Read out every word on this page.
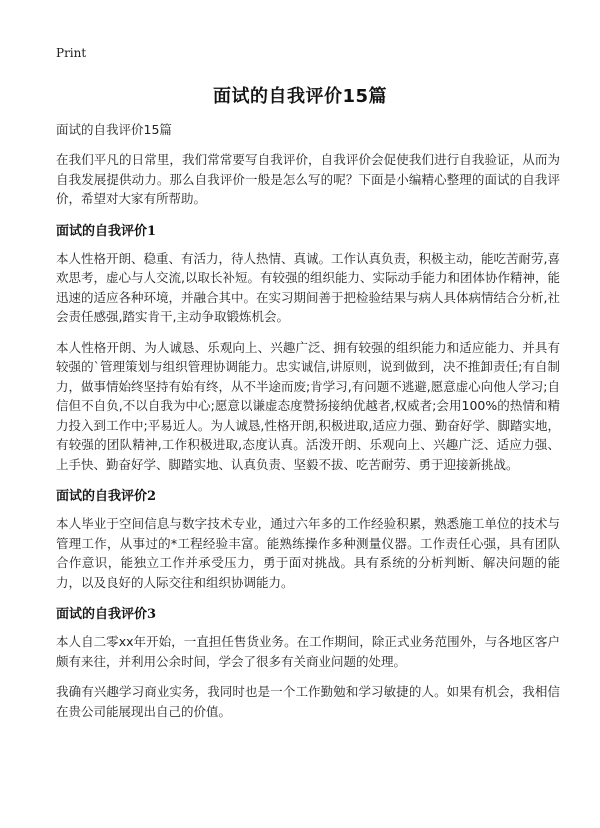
Print
面试的自我评价15篇
面试的自我评价15篇

在我们平凡的日常里，我们常常要写自我评价，自我评价会促使我们进行自我验证，从而为自我发展提供动力。那么自我评价一般是怎么写的呢？下面是小编精心整理的面试的自我评价，希望对大家有所帮助。

面试的自我评价1

本人性格开朗、稳重、有活力，待人热情、真诚。工作认真负责，积极主动，能吃苦耐劳,喜欢思考，虚心与人交流,以取长补短。有较强的组织能力、实际动手能力和团体协作精神，能迅速的适应各种环境，并融合其中。在实习期间善于把检验结果与病人具体病情结合分析,社会责任感强,踏实肯干,主动争取锻炼机会。

本人性格开朗、为人诚恳、乐观向上、兴趣广泛、拥有较强的组织能力和适应能力、并具有较强的`管理策划与组织管理协调能力。忠实诚信,讲原则，说到做到，决不推卸责任;有自制力，做事情始终坚持有始有终，从不半途而废;肯学习,有问题不逃避,愿意虚心向他人学习;自信但不自负,不以自我为中心;愿意以谦虚态度赞扬接纳优越者,权威者;会用100%的热情和精力投入到工作中;平易近人。为人诚恳,性格开朗,积极进取,适应力强、勤奋好学、脚踏实地，有较强的团队精神,工作积极进取,态度认真。活泼开朗、乐观向上、兴趣广泛、适应力强、上手快、勤奋好学、脚踏实地、认真负责、坚毅不拔、吃苦耐劳、勇于迎接新挑战。

面试的自我评价2

本人毕业于空间信息与数字技术专业，通过六年多的工作经验积累，熟悉施工单位的技术与管理工作，从事过的*工程经验丰富。能熟练操作多种测量仪器。工作责任心强，具有团队合作意识，能独立工作并承受压力，勇于面对挑战。具有系统的分析判断、解决问题的能力，以及良好的人际交往和组织协调能力。

面试的自我评价3

本人自二零xx年开始，一直担任售货业务。在工作期间，除正式业务范围外，与各地区客户颇有来往，并利用公余时间，学会了很多有关商业问题的处理。

我确有兴趣学习商业实务，我同时也是一个工作勤勉和学习敏捷的人。如果有机会，我相信在贵公司能展现出自己的价值。
